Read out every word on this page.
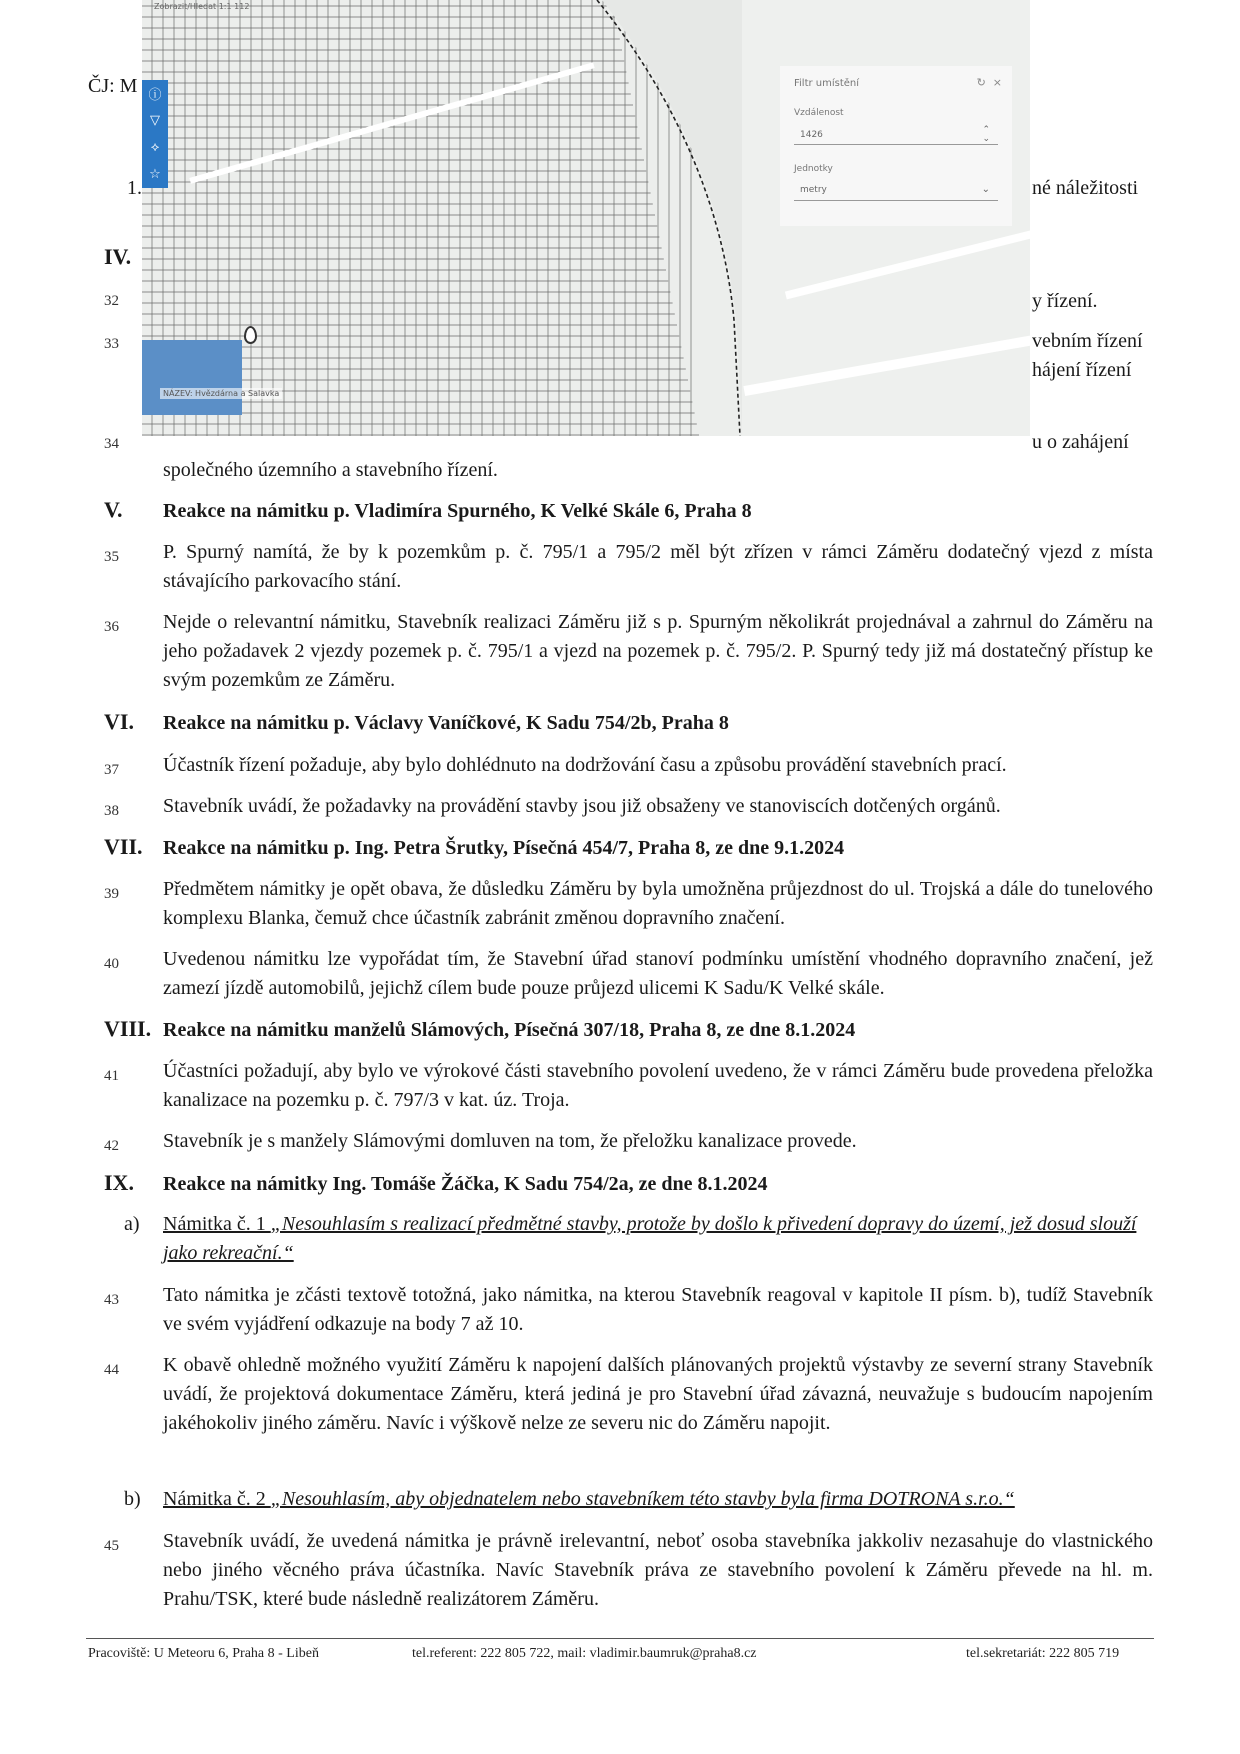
ČJ: M
1.	né náležitosti
IV.
32	y řízení.
33	vebním řízení
hájení řízení
34	u o zahájení
společného územního a stavebního řízení.
Zobrazit/Hledat 1:1 112
ⓘ
▽
⟡
☆
NÁZEV: Hvězdárna a Salavka
Filtr umístění	↻ ×
Vzdálenost
1426	⌃
⌄
Jednotky
metry	⌄
V. Reakce na námitku p. Vladimíra Spurného, K Velké Skále 6, Praha 8
35 P. Spurný namítá, že by k pozemkům p. č. 795/1 a 795/2 měl být zřízen v rámci Záměru dodatečný vjezd z místa stávajícího parkovacího stání.
36 Nejde o relevantní námitku, Stavebník realizaci Záměru již s p. Spurným několikrát projednával a zahrnul do Záměru na jeho požadavek 2 vjezdy pozemek p. č. 795/1 a vjezd na pozemek p. č. 795/2. P. Spurný tedy již má dostatečný přístup ke svým pozemkům ze Záměru.
VI. Reakce na námitku p. Václavy Vaníčkové, K Sadu 754/2b, Praha 8
37 Účastník řízení požaduje, aby bylo dohlédnuto na dodržování času a způsobu provádění stavebních prací.
38 Stavebník uvádí, že požadavky na provádění stavby jsou již obsaženy ve stanoviscích dotčených orgánů.
VII. Reakce na námitku p. Ing. Petra Šrutky, Písečná 454/7, Praha 8, ze dne 9.1.2024
39 Předmětem námitky je opět obava, že důsledku Záměru by byla umožněna průjezdnost do ul. Trojská a dále do tunelového komplexu Blanka, čemuž chce účastník zabránit změnou dopravního značení.
40 Uvedenou námitku lze vypořádat tím, že Stavební úřad stanoví podmínku umístění vhodného dopravního značení, jež zamezí jízdě automobilů, jejichž cílem bude pouze průjezd ulicemi K Sadu/K Velké skále.
VIII. Reakce na námitku manželů Slámových, Písečná 307/18, Praha 8, ze dne 8.1.2024
41 Účastníci požadují, aby bylo ve výrokové části stavebního povolení uvedeno, že v rámci Záměru bude provedena přeložka kanalizace na pozemku p. č. 797/3 v kat. úz. Troja.
42 Stavebník je s manžely Slámovými domluven na tom, že přeložku kanalizace provede.
IX. Reakce na námitky Ing. Tomáše Žáčka, K Sadu 754/2a, ze dne 8.1.2024
a) Námitka č. 1 „Nesouhlasím s realizací předmětné stavby, protože by došlo k přivedení dopravy do území, jež dosud slouží jako rekreační.“
43 Tato námitka je zčásti textově totožná, jako námitka, na kterou Stavebník reagoval v kapitole II písm. b), tudíž Stavebník ve svém vyjádření odkazuje na body 7 až 10.
44 K obavě ohledně možného využití Záměru k napojení dalších plánovaných projektů výstavby ze severní strany Stavebník uvádí, že projektová dokumentace Záměru, která jediná je pro Stavební úřad závazná, neuvažuje s budoucím napojením jakéhokoliv jiného záměru. Navíc i výškově nelze ze severu nic do Záměru napojit.
b) Námitka č. 2 „Nesouhlasím, aby objednatelem nebo stavebníkem této stavby byla firma DOTRONA s.r.o.“
45 Stavebník uvádí, že uvedená námitka je právně irelevantní, neboť osoba stavebníka jakkoliv nezasahuje do vlastnického nebo jiného věcného práva účastníka. Navíc Stavebník práva ze stavebního povolení k Záměru převede na hl. m. Prahu/TSK, které bude následně realizátorem Záměru.
Pracoviště: U Meteoru 6, Praha 8 - Libeň	tel.referent: 222 805 722, mail: vladimir.baumruk@praha8.cz	tel.sekretariát: 222 805 719
